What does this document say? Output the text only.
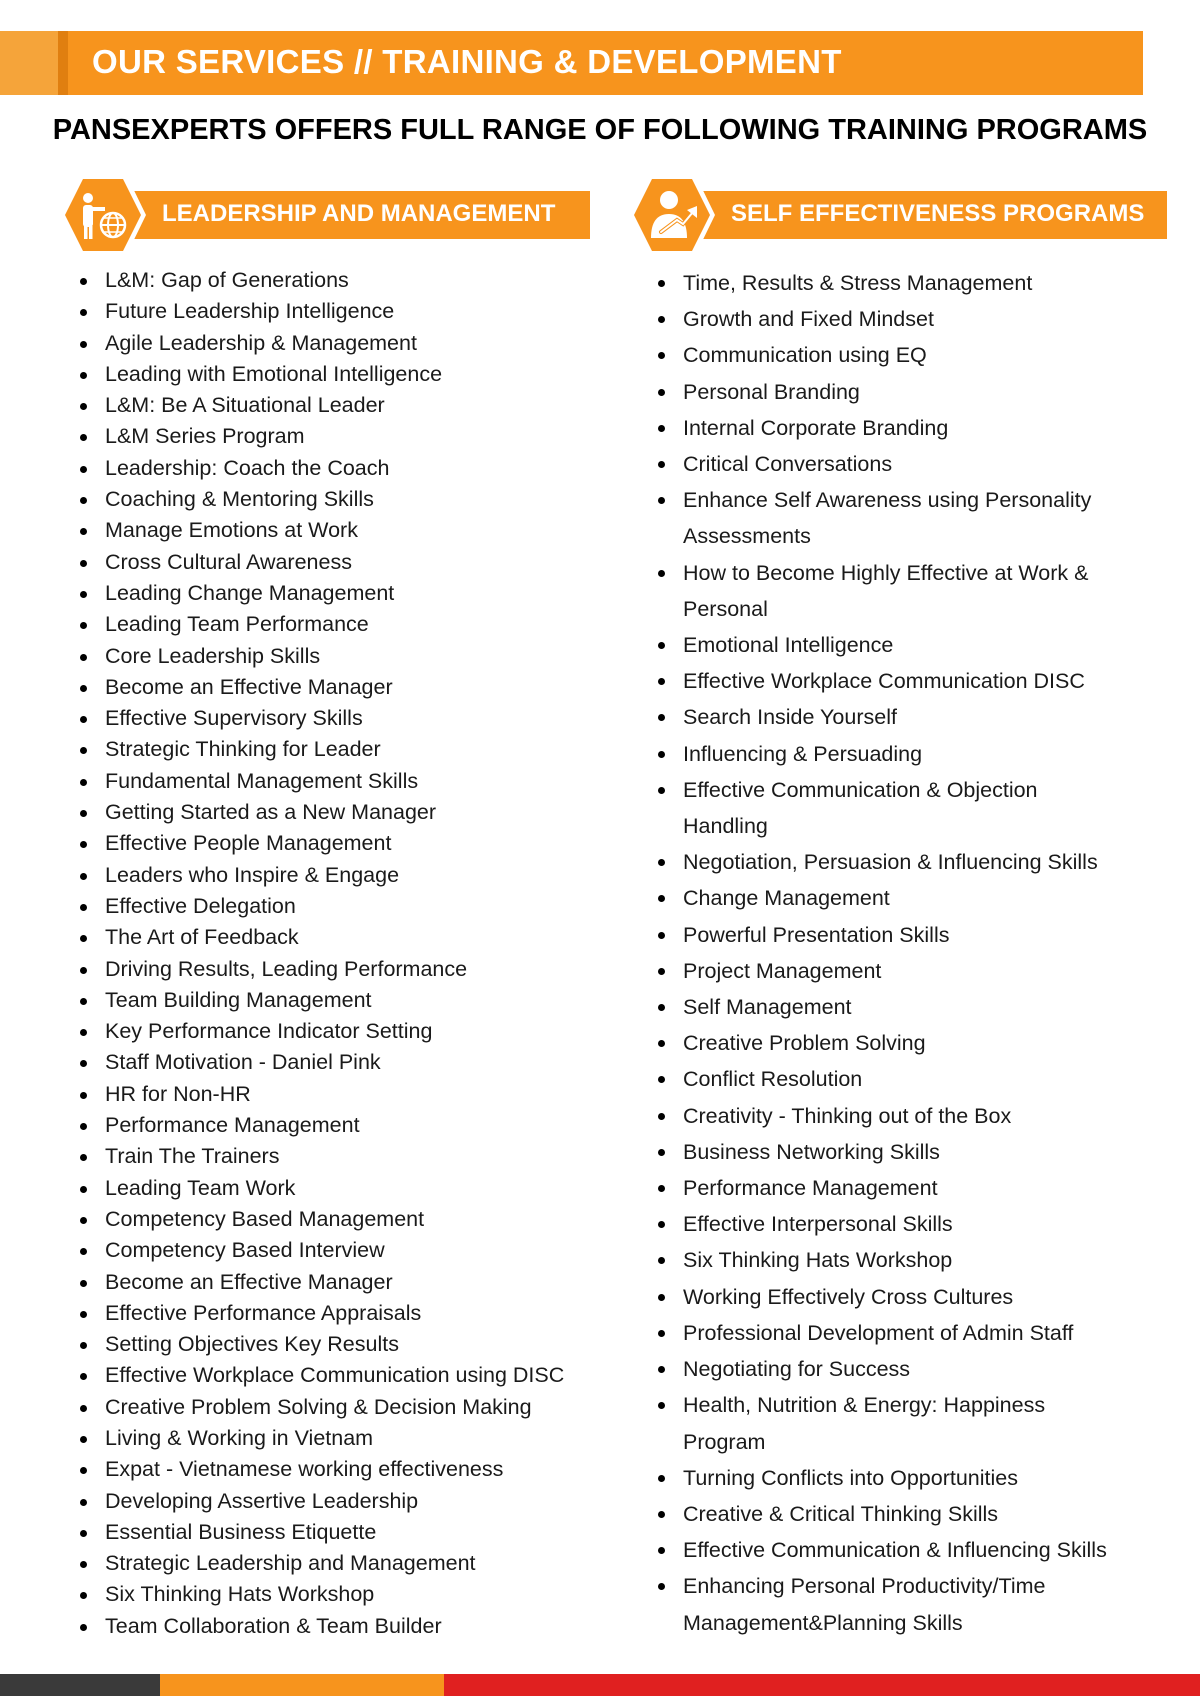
OUR SERVICES // TRAINING & DEVELOPMENT
PANSEXPERTS OFFERS FULL RANGE OF FOLLOWING TRAINING PROGRAMS
LEADERSHIP AND MANAGEMENT
L&M: Gap of Generations
Future Leadership Intelligence
Agile Leadership & Management
Leading with Emotional Intelligence
L&M: Be A Situational Leader
L&M Series Program
Leadership: Coach the Coach
Coaching & Mentoring Skills
Manage Emotions at Work
Cross Cultural Awareness
Leading Change Management
Leading Team Performance
Core Leadership Skills
Become an Effective Manager
Effective Supervisory Skills
Strategic Thinking for Leader
Fundamental Management Skills
Getting Started as a New Manager
Effective People Management
Leaders who Inspire & Engage
Effective Delegation
The Art of Feedback
Driving Results, Leading Performance
Team Building Management
Key Performance Indicator Setting
Staff Motivation - Daniel Pink
HR for Non-HR
Performance Management
Train The Trainers
Leading Team Work
Competency Based Management
Competency Based Interview
Become an Effective Manager
Effective Performance Appraisals
Setting Objectives Key Results
Effective Workplace Communication using DISC
Creative Problem Solving & Decision Making
Living & Working in Vietnam
Expat - Vietnamese working effectiveness
Developing Assertive Leadership
Essential Business Etiquette
Strategic Leadership and Management
Six Thinking Hats Workshop
Team Collaboration & Team Builder
SELF EFFECTIVENESS PROGRAMS
Time, Results & Stress Management
Growth and Fixed Mindset
Communication using EQ
Personal Branding
Internal Corporate Branding
Critical Conversations
Enhance Self Awareness using Personality Assessments
How to Become Highly Effective at Work & Personal
Emotional Intelligence
Effective Workplace Communication DISC
Search Inside Yourself
Influencing & Persuading
Effective Communication & Objection Handling
Negotiation, Persuasion & Influencing Skills
Change Management
Powerful Presentation Skills
Project Management
Self Management
Creative Problem Solving
Conflict Resolution
Creativity - Thinking out of the Box
Business Networking Skills
Performance Management
Effective Interpersonal Skills
Six Thinking Hats Workshop
Working Effectively Cross Cultures
Professional Development of Admin Staff
Negotiating for Success
Health, Nutrition & Energy: Happiness Program
Turning Conflicts into Opportunities
Creative & Critical Thinking Skills
Effective Communication & Influencing Skills
Enhancing Personal Productivity/Time Management&Planning Skills
